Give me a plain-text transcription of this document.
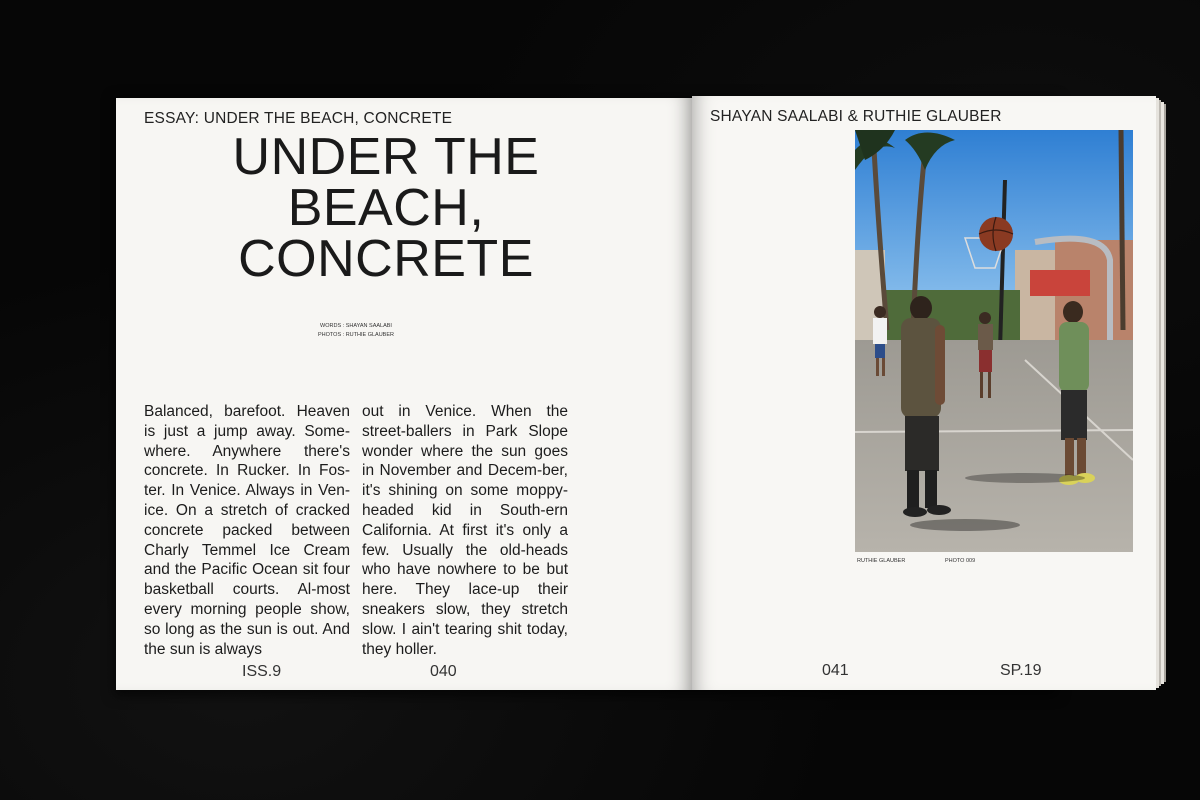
ESSAY: UNDER THE BEACH, CONCRETE
UNDER THE
BEACH,
CONCRETE
WORDS : SHAYAN SAALABI
PHOTOS : RUTHIE GLAUBER
Balanced, barefoot. Heaven is just a jump away. Some-where. Anywhere there's concrete. In Rucker. In Fos-ter. In Venice. Always in Ven-ice. On a stretch of cracked concrete packed between Charly Temmel Ice Cream and the Pacific Ocean sit four basketball courts. Al-most every morning people show, so long as the sun is out. And the sun is always
out in Venice. When the street-ballers in Park Slope wonder where the sun goes in November and Decem-ber, it's shining on some moppy-headed kid in South-ern California. At first it's only a few. Usually the old-heads who have nowhere to be but here. They lace-up their sneakers slow, they stretch slow. I ain't tearing shit today, they holler.
ISS.9	040
SHAYAN SAALABI & RUTHIE GLAUBER
RUTHIE GLAUBER	PHOTO 009
041	SP.19
